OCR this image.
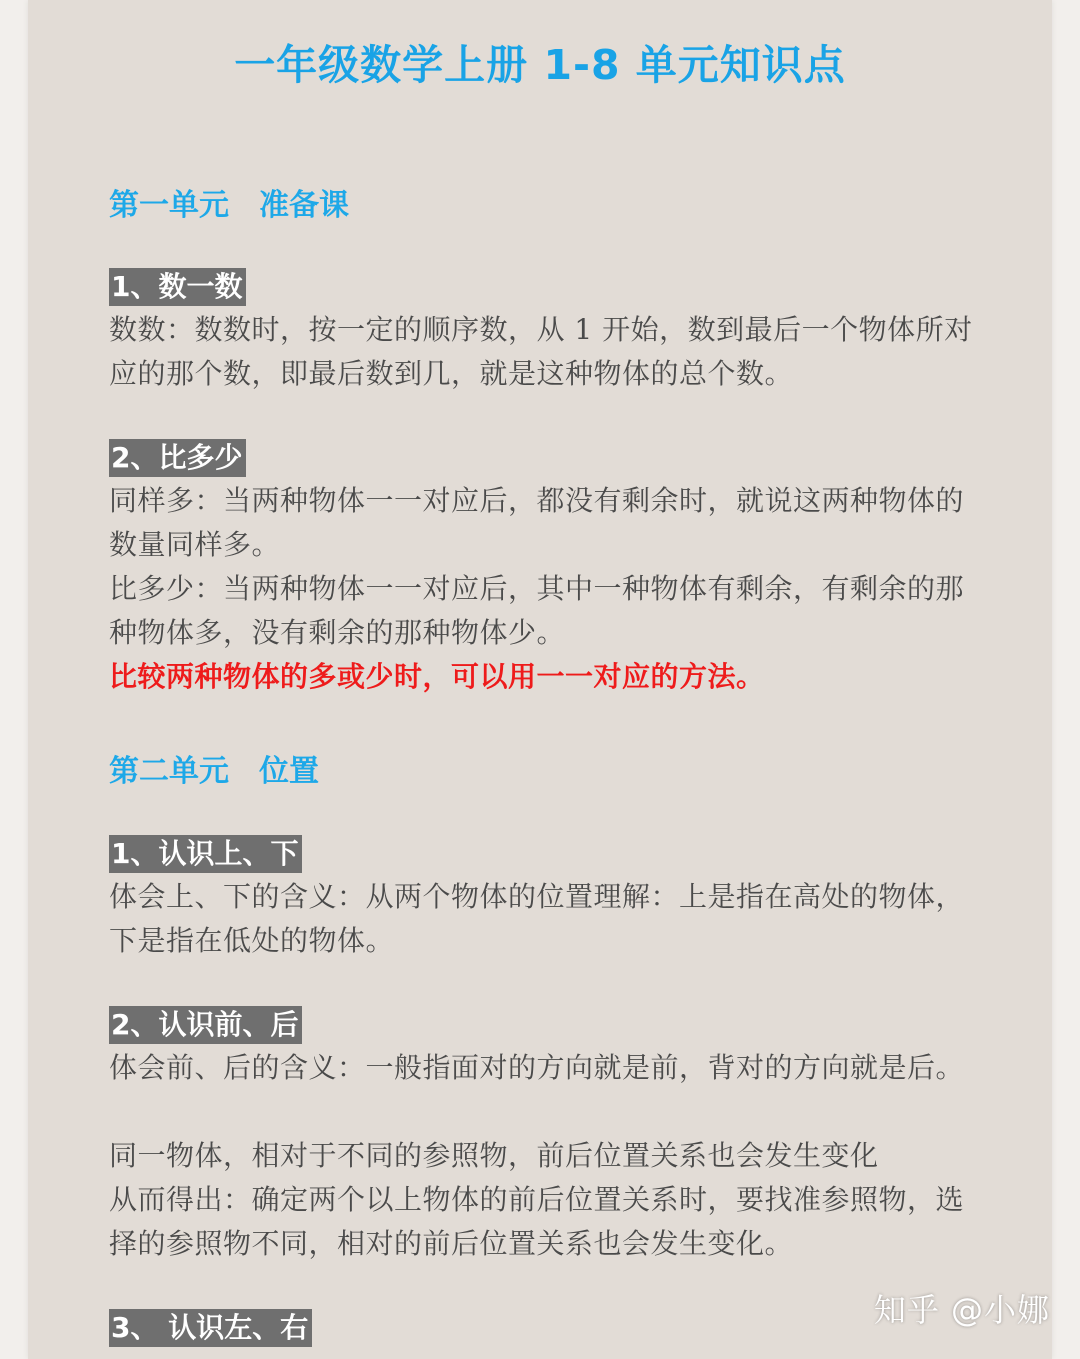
一年级数学上册 1-8 单元知识点
第一单元　准备课
1、数一数

数数：数数时，按一定的顺序数，从 1 开始，数到最后一个物体所对应的那个数，即最后数到几，就是这种物体的总个数。

2、比多少

同样多：当两种物体一一对应后，都没有剩余时，就说这两种物体的数量同样多。

比多少：当两种物体一一对应后，其中一种物体有剩余，有剩余的那种物体多，没有剩余的那种物体少。

比较两种物体的多或少时，可以用一一对应的方法。

第二单元　位置
1、认识上、下

体会上、下的含义：从两个物体的位置理解：上是指在高处的物体，下是指在低处的物体。

2、认识前、后

体会前、后的含义：一般指面对的方向就是前，背对的方向就是后。

同一物体，相对于不同的参照物，前后位置关系也会发生变化

从而得出：确定两个以上物体的前后位置关系时，要找准参照物，选择的参照物不同，相对的前后位置关系也会发生变化。

3、 认识左、右	知乎 @小娜
